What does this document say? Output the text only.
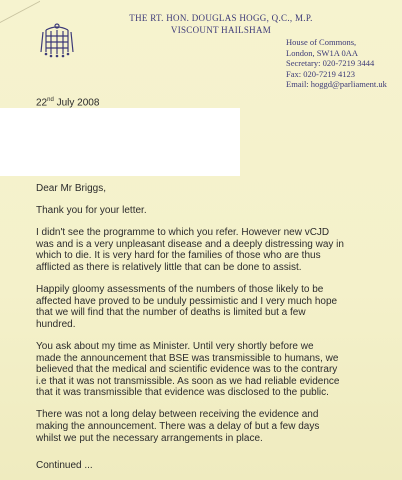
THE RT. HON. DOUGLAS HOGG, Q.C., M.P.
VISCOUNT HAILSHAM
House of Commons,
London, SW1A 0AA
Secretary: 020-7219 3444
Fax: 020-7219 4123
Email: hoggd@parliament.uk
22nd July 2008

Dear Mr Briggs,

Thank you for your letter.

I didn't see the programme to which you refer. However new vCJD
was and is a very unpleasant disease and a deeply distressing way in
which to die. It is very hard for the families of those who are thus
afflicted as there is relatively little that can be done to assist.

Happily gloomy assessments of the numbers of those likely to be
affected have proved to be unduly pessimistic and I very much hope
that we will find that the number of deaths is limited but a few
hundred.

You ask about my time as Minister. Until very shortly before we
made the announcement that BSE was transmissible to humans, we
believed that the medical and scientific evidence was to the contrary
i.e that it was not transmissible. As soon as we had reliable evidence
that it was transmissible that evidence was disclosed to the public.

There was not a long delay between receiving the evidence and
making the announcement. There was a delay of but a few days
whilst we put the necessary arrangements in place.

Continued ...
